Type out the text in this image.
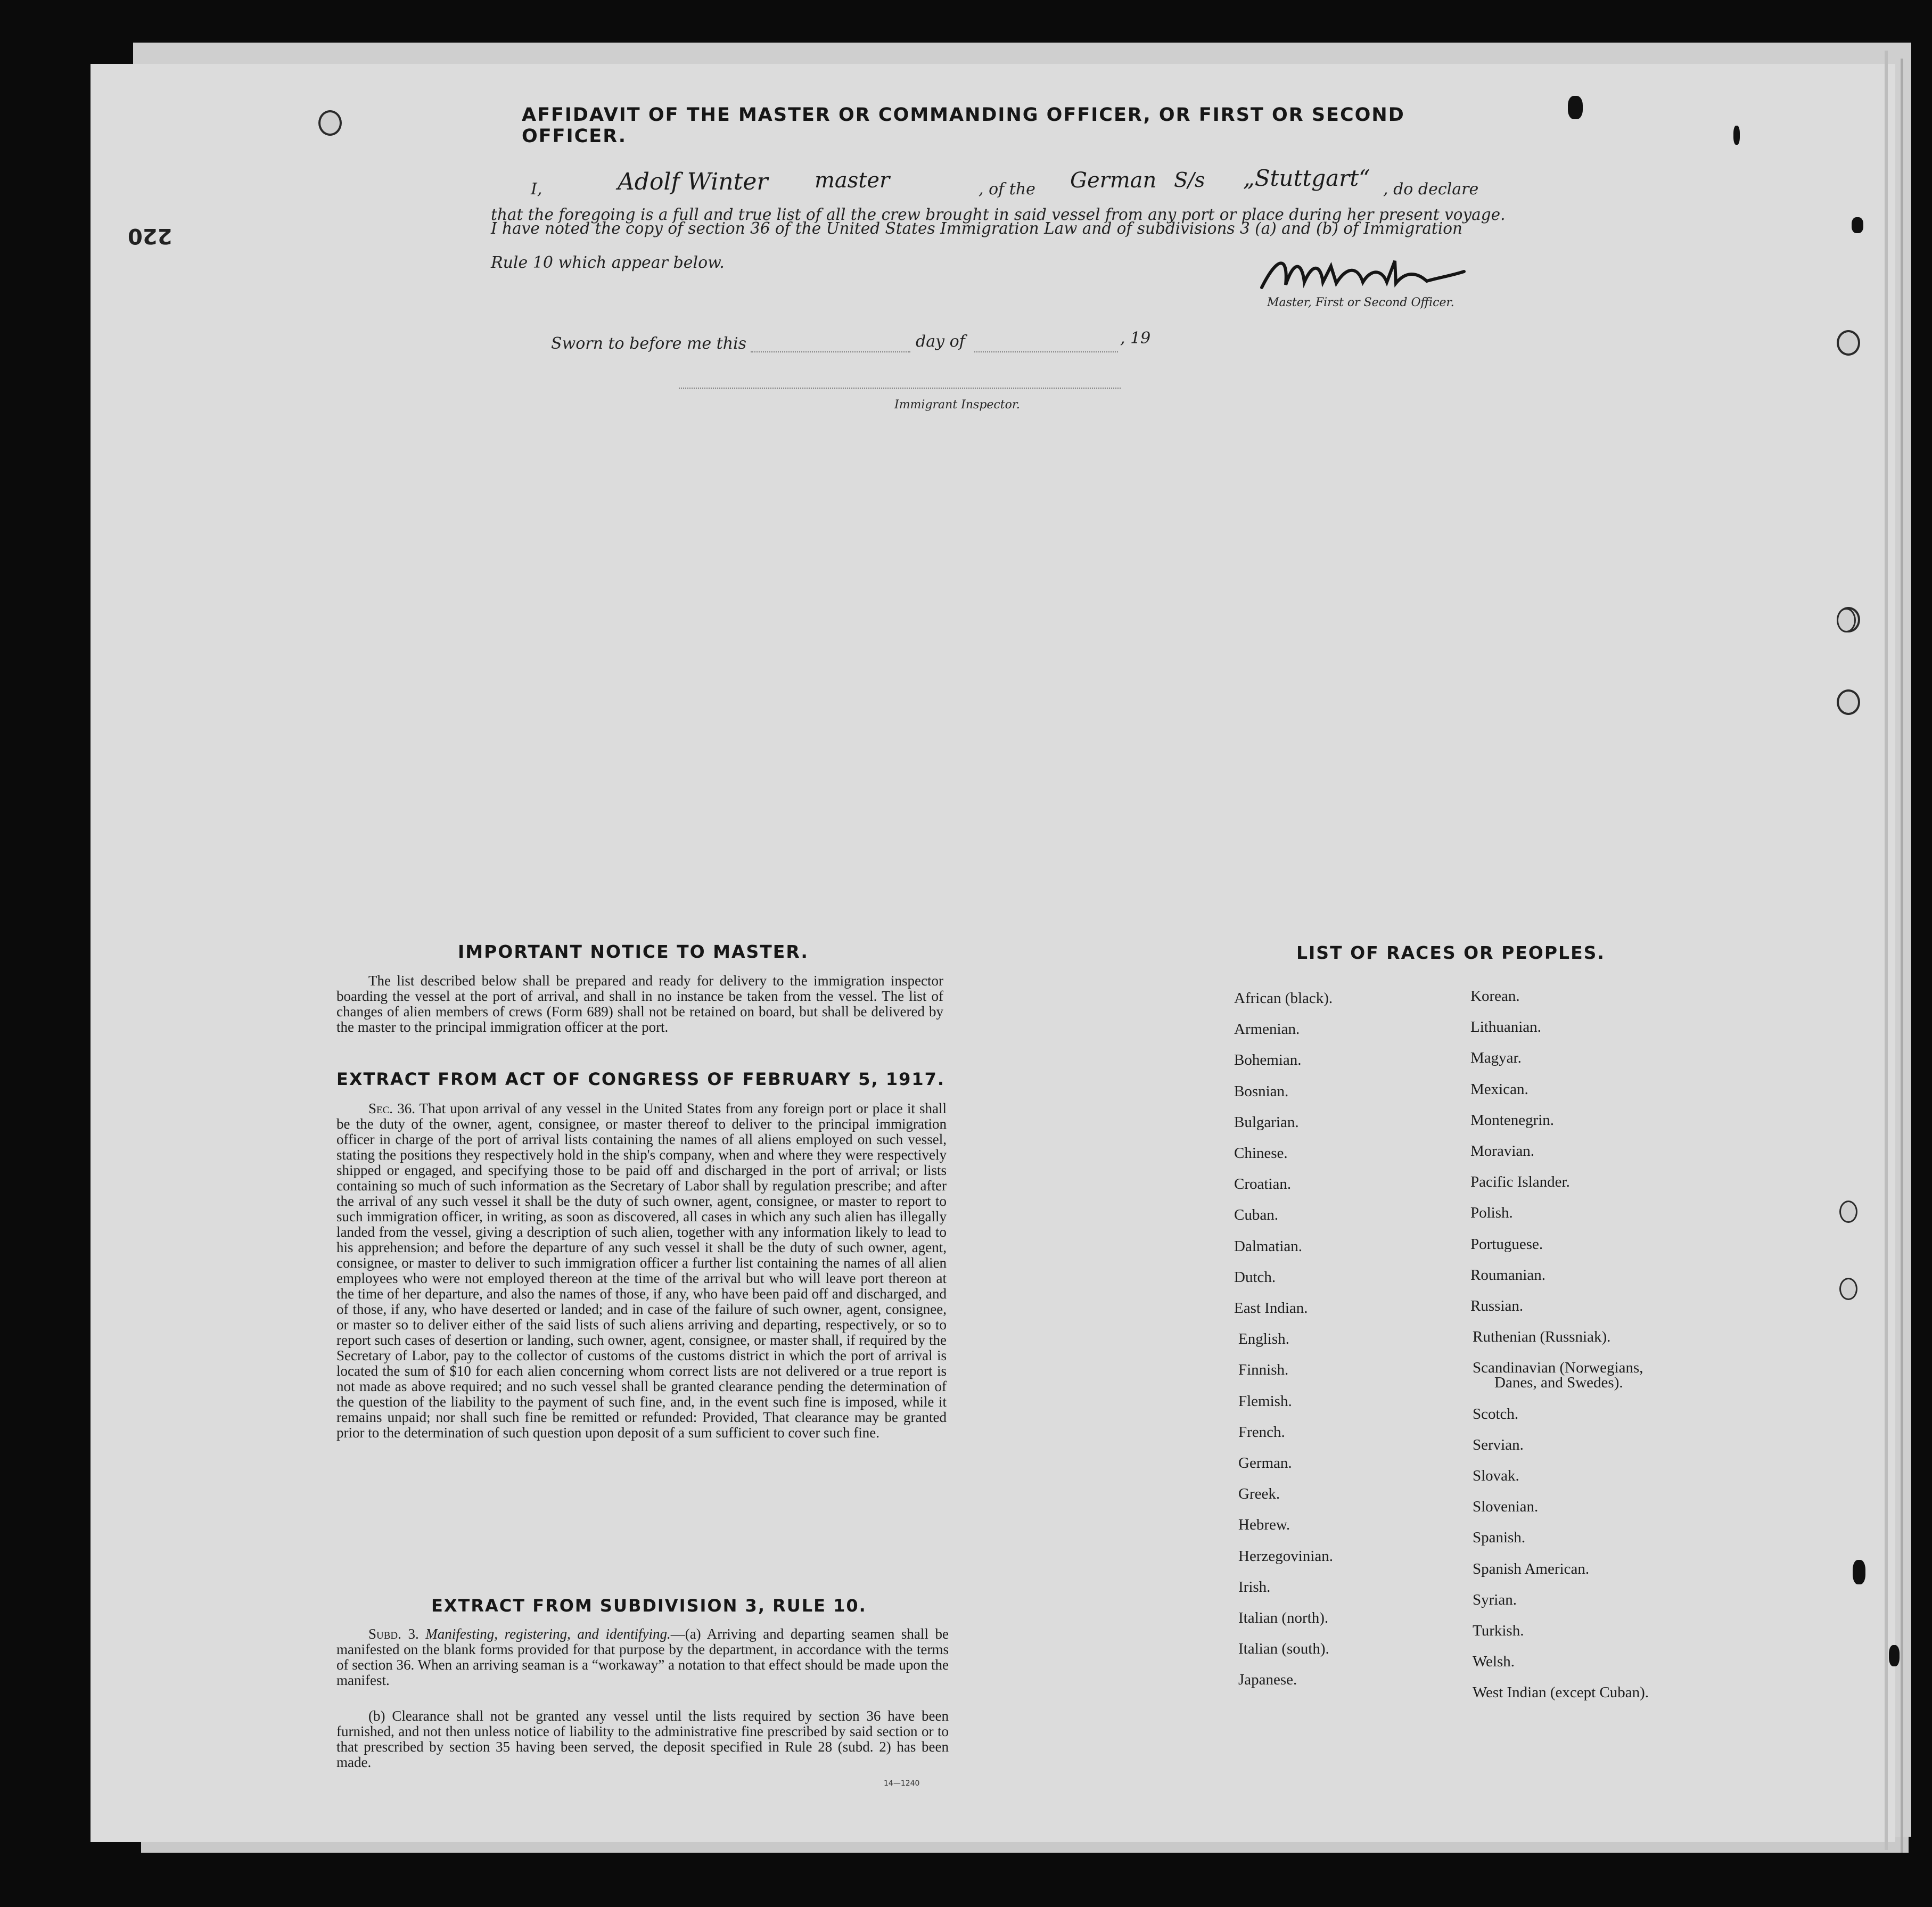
220
AFFIDAVIT OF THE MASTER OR COMMANDING OFFICER, OR FIRST OR SECOND OFFICER.
I,	Adolf Winter master	, of the German S/s „Stuttgart“ , do declare
that the foregoing is a full and true list of all the crew brought in said vessel from any port or place during her present voyage.
I have noted the copy of section 36 of the United States Immigration Law and of subdivisions 3 (a) and (b) of Immigration
Rule 10 which appear below.
Master, First or Second Officer.
Sworn to before me this	day of	, 19
Immigrant Inspector.
IMPORTANT NOTICE TO MASTER.
The list described below shall be prepared and ready for delivery to the immigration inspector boarding the vessel at the port of arrival, and shall in no instance be taken from the vessel. The list of changes of alien members of crews (Form 689) shall not be retained on board, but shall be delivered by the master to the principal immigration officer at the port.
EXTRACT FROM ACT OF CONGRESS OF FEBRUARY 5, 1917.
Sec. 36. That upon arrival of any vessel in the United States from any foreign port or place it shall be the duty of the owner, agent, consignee, or master thereof to deliver to the principal immigration officer in charge of the port of arrival lists containing the names of all aliens employed on such vessel, stating the positions they respectively hold in the ship's company, when and where they were respectively shipped or engaged, and specifying those to be paid off and discharged in the port of arrival; or lists containing so much of such information as the Secretary of Labor shall by regulation prescribe; and after the arrival of any such vessel it shall be the duty of such owner, agent, consignee, or master to report to such immigration officer, in writing, as soon as discovered, all cases in which any such alien has illegally landed from the vessel, giving a description of such alien, together with any information likely to lead to his apprehension; and before the departure of any such vessel it shall be the duty of such owner, agent, consignee, or master to deliver to such immigration officer a further list containing the names of all alien employees who were not employed thereon at the time of the arrival but who will leave port thereon at the time of her departure, and also the names of those, if any, who have been paid off and discharged, and of those, if any, who have deserted or landed; and in case of the failure of such owner, agent, consignee, or master so to deliver either of the said lists of such aliens arriving and departing, respectively, or so to report such cases of desertion or landing, such owner, agent, consignee, or master shall, if required by the Secretary of Labor, pay to the collector of customs of the customs district in which the port of arrival is located the sum of $10 for each alien concerning whom correct lists are not delivered or a true report is not made as above required; and no such vessel shall be granted clearance pending the determination of the question of the liability to the payment of such fine, and, in the event such fine is imposed, while it remains unpaid; nor shall such fine be remitted or refunded: Provided, That clearance may be granted prior to the determination of such question upon deposit of a sum sufficient to cover such fine.
EXTRACT FROM SUBDIVISION 3, RULE 10.
Subd. 3. Manifesting, registering, and identifying.—(a) Arriving and departing seamen shall be manifested on the blank forms provided for that purpose by the department, in accordance with the terms of section 36. When an arriving seaman is a “workaway” a notation to that effect should be made upon the manifest.
(b) Clearance shall not be granted any vessel until the lists required by section 36 have been furnished, and not then unless notice of liability to the administrative fine prescribed by said section or to that prescribed by section 35 having been served, the deposit specified in Rule 28 (subd. 2) has been made.
14—1240
LIST OF RACES OR PEOPLES.
African (black).
Armenian.
Bohemian.
Bosnian.
Bulgarian.
Chinese.
Croatian.
Cuban.
Dalmatian.
Dutch.
East Indian.
English.
Finnish.
Flemish.
French.
German.
Greek.
Hebrew.
Herzegovinian.
Irish.
Italian (north).
Italian (south).
Japanese.
Korean.
Lithuanian.
Magyar.
Mexican.
Montenegrin.
Moravian.
Pacific Islander.
Polish.
Portuguese.
Roumanian.
Russian.
Ruthenian (Russniak).
Scandinavian (Norwegians,
Danes, and Swedes).
Scotch.
Servian.
Slovak.
Slovenian.
Spanish.
Spanish American.
Syrian.
Turkish.
Welsh.
West Indian (except Cuban).
